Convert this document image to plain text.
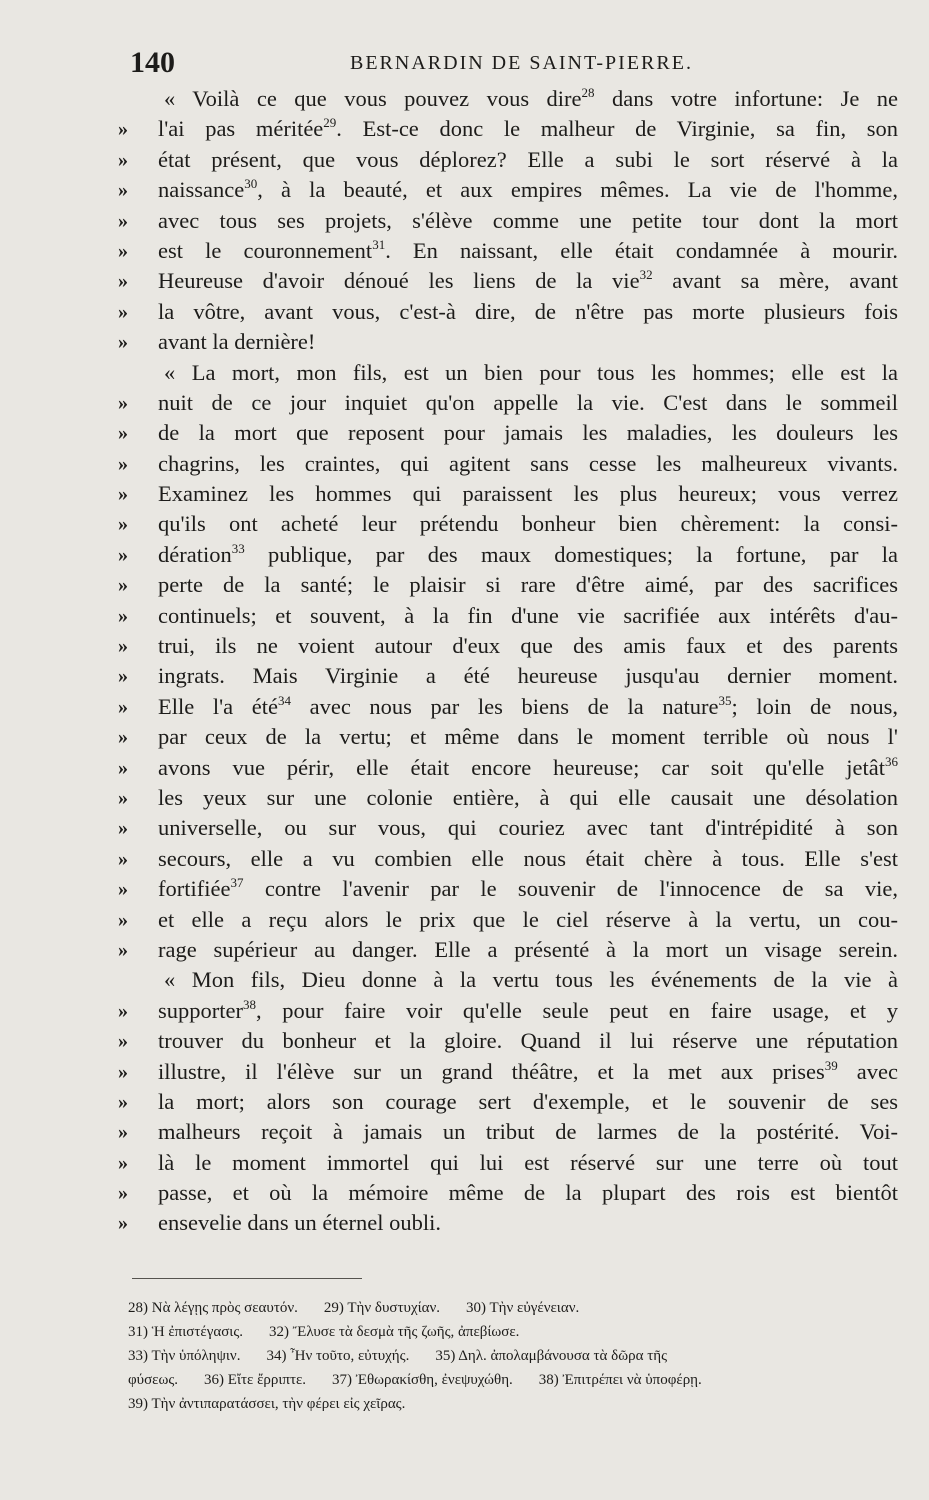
140	BERNARDIN DE SAINT-PIERRE.
« Voilà ce que vous pouvez vous dire$^{28}$ dans votre infortune: Je ne
»	l'ai pas méritée$^{29}$. Est-ce donc le malheur de Virginie, sa fin, son
»	état présent, que vous déplorez? Elle a subi le sort réservé à la
»	naissance$^{30}$, à la beauté, et aux empires mêmes. La vie de l'homme,
»	avec tous ses projets, s'élève comme une petite tour dont la mort
»	est le couronnement$^{31}$. En naissant, elle était condamnée à mourir.
»	Heureuse d'avoir dénoué les liens de la vie$^{32}$ avant sa mère, avant
»	la vôtre, avant vous, c'est-à dire, de n'être pas morte plusieurs fois
»	avant la dernière!
« La mort, mon fils, est un bien pour tous les hommes; elle est la
»	nuit de ce jour inquiet qu'on appelle la vie. C'est dans le sommeil
»	de la mort que reposent pour jamais les maladies, les douleurs les
»	chagrins, les craintes, qui agitent sans cesse les malheureux vivants.
»	Examinez les hommes qui paraissent les plus heureux; vous verrez
»	qu'ils ont acheté leur prétendu bonheur bien chèrement: la consi-
»	dération$^{33}$ publique, par des maux domestiques; la fortune, par la
»	perte de la santé; le plaisir si rare d'être aimé, par des sacrifices
»	continuels; et souvent, à la fin d'une vie sacrifiée aux intérêts d'au-
»	trui, ils ne voient autour d'eux que des amis faux et des parents
»	ingrats. Mais Virginie a été heureuse jusqu'au dernier moment.
»	Elle l'a été$^{34}$ avec nous par les biens de la nature$^{35}$; loin de nous,
»	par ceux de la vertu; et même dans le moment terrible où nous l'
»	avons vue périr, elle était encore heureuse; car soit qu'elle jetât$^{36}$
»	les yeux sur une colonie entière, à qui elle causait une désolation
»	universelle, ou sur vous, qui couriez avec tant d'intrépidité à son
»	secours, elle a vu combien elle nous était chère à tous. Elle s'est
»	fortifiée$^{37}$ contre l'avenir par le souvenir de l'innocence de sa vie,
»	et elle a reçu alors le prix que le ciel réserve à la vertu, un cou-
»	rage supérieur au danger. Elle a présenté à la mort un visage serein.
« Mon fils, Dieu donne à la vertu tous les événements de la vie à
»	supporter$^{38}$, pour faire voir qu'elle seule peut en faire usage, et y
»	trouver du bonheur et la gloire. Quand il lui réserve une réputation
»	illustre, il l'élève sur un grand théâtre, et la met aux prises$^{39}$ avec
»	la mort; alors son courage sert d'exemple, et le souvenir de ses
»	malheurs reçoit à jamais un tribut de larmes de la postérité. Voi-
»	là le moment immortel qui lui est réservé sur une terre où tout
»	passe, et où la mémoire même de la plupart des rois est bientôt
»	ensevelie dans un éternel oubli.
28) Νὰ λέγῃς πρὸς σεαυτόν. 29) Τὴν δυστυχίαν. 30) Τὴν εὐγένειαν.
31) Ἡ ἐπιστέγασις. 32) Ἔλυσε τὰ δεσμὰ τῆς ζωῆς, ἀπεβίωσε.
33) Τὴν ὑπόληψιν. 34) Ἦν τοῦτο, εὐτυχής. 35) Δηλ. ἀπολαμβάνουσα τὰ δῶρα τῆς
φύσεως. 36) Εἴτε ἔρριπτε. 37) Ἐθωρακίσθη, ἐνεψυχώθη. 38) Ἐπιτρέπει νὰ ὑποφέρῃ.
39) Τὴν ἀντιπαρατάσσει, τὴν φέρει εἰς χεῖρας.
